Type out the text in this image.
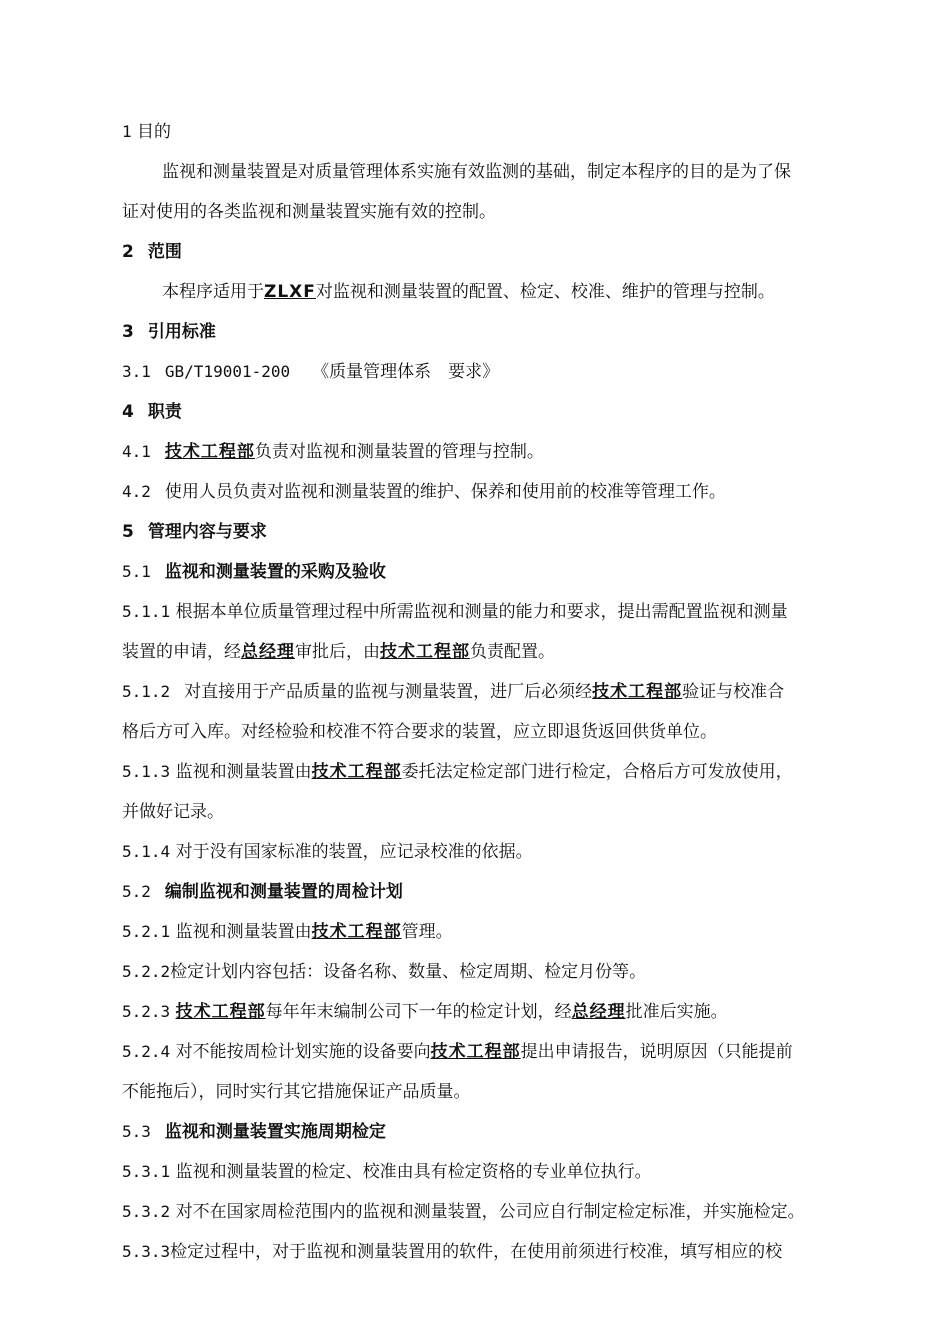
1 目的
监视和测量装置是对质量管理体系实施有效监测的基础，制定本程序的目的是为了保
证对使用的各类监视和测量装置实施有效的控制。
2 范围
本程序适用于ZLXF对监视和测量装置的配置、检定、校准、维护的管理与控制。
3 引用标准
3.1 GB/T19001-200 《质量管理体系　要求》
4 职责
4.1 技术工程部负责对监视和测量装置的管理与控制。
4.2 使用人员负责对监视和测量装置的维护、保养和使用前的校准等管理工作。
5 管理内容与要求
5.1 监视和测量装置的采购及验收
5.1.1 根据本单位质量管理过程中所需监视和测量的能力和要求，提出需配置监视和测量
装置的申请，经总经理审批后，由技术工程部负责配置。
5.1.2 对直接用于产品质量的监视与测量装置，进厂后必须经技术工程部验证与校准合
格后方可入库。对经检验和校准不符合要求的装置，应立即退货返回供货单位。
5.1.3 监视和测量装置由技术工程部委托法定检定部门进行检定，合格后方可发放使用，
并做好记录。
5.1.4 对于没有国家标准的装置，应记录校准的依据。
5.2 编制监视和测量装置的周检计划
5.2.1 监视和测量装置由技术工程部管理。
5.2.2检定计划内容包括：设备名称、数量、检定周期、检定月份等。
5.2.3 技术工程部每年年末编制公司下一年的检定计划，经总经理批准后实施。
5.2.4 对不能按周检计划实施的设备要向技术工程部提出申请报告，说明原因（只能提前
不能拖后），同时实行其它措施保证产品质量。
5.3 监视和测量装置实施周期检定
5.3.1 监视和测量装置的检定、校准由具有检定资格的专业单位执行。
5.3.2 对不在国家周检范围内的监视和测量装置，公司应自行制定检定标准，并实施检定。
5.3.3检定过程中，对于监视和测量装置用的软件，在使用前须进行校准，填写相应的校
